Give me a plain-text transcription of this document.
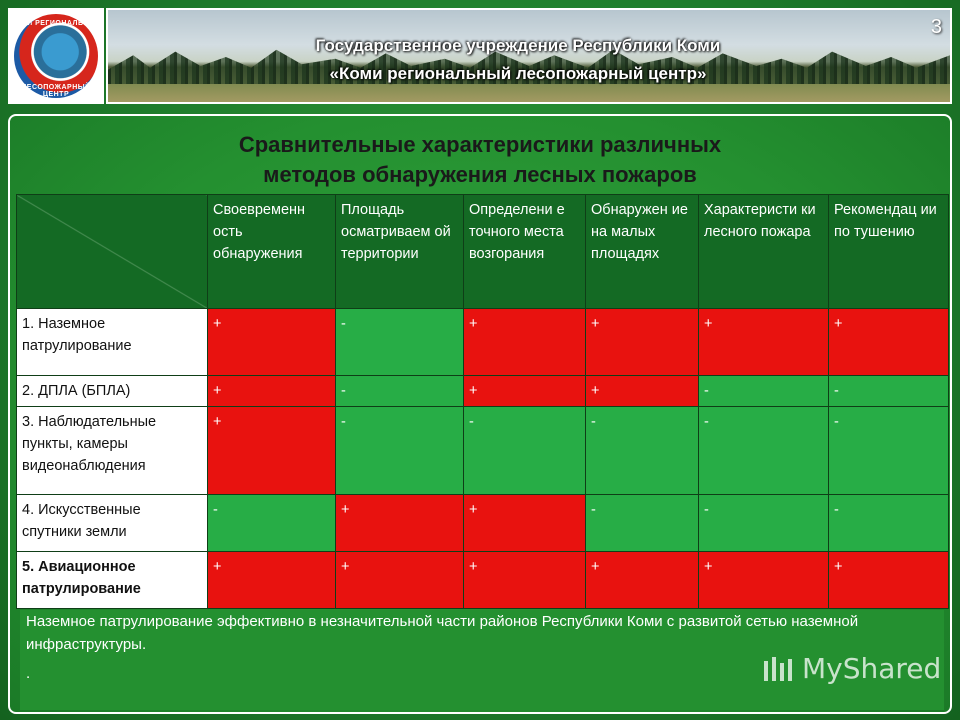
КОМИ РЕГИОНАЛЬНЫЙ
ЛЕСОПОЖАРНЫЙ ЦЕНТР
Государственное учреждение Республики Коми
«Коми региональный лесопожарный центр»
3
Сравнительные характеристики различных
методов обнаружения лесных пожаров
	Своевременн ость обнаружения	Площадь осматриваем ой территории	Определени е точного места возгорания	Обнаружен ие на малых площадях	Характеристи ки лесного пожара	Рекомендац ии по тушению
1. Наземное патрулирование	+	-	+	+	+	+
2. ДПЛА (БПЛА)	+	-	+	+	-	-
3. Наблюдательные пункты, камеры видеонаблюдения	+	-	-	-	-	-
4. Искусственные спутники земли	-	+	+	-	-	-
5. Авиационное патрулирование	+	+	+	+	+	+
Наземное патрулирование эффективно в незначительной части районов Республики Коми с развитой сетью наземной инфраструктуры.
.	MyShared
